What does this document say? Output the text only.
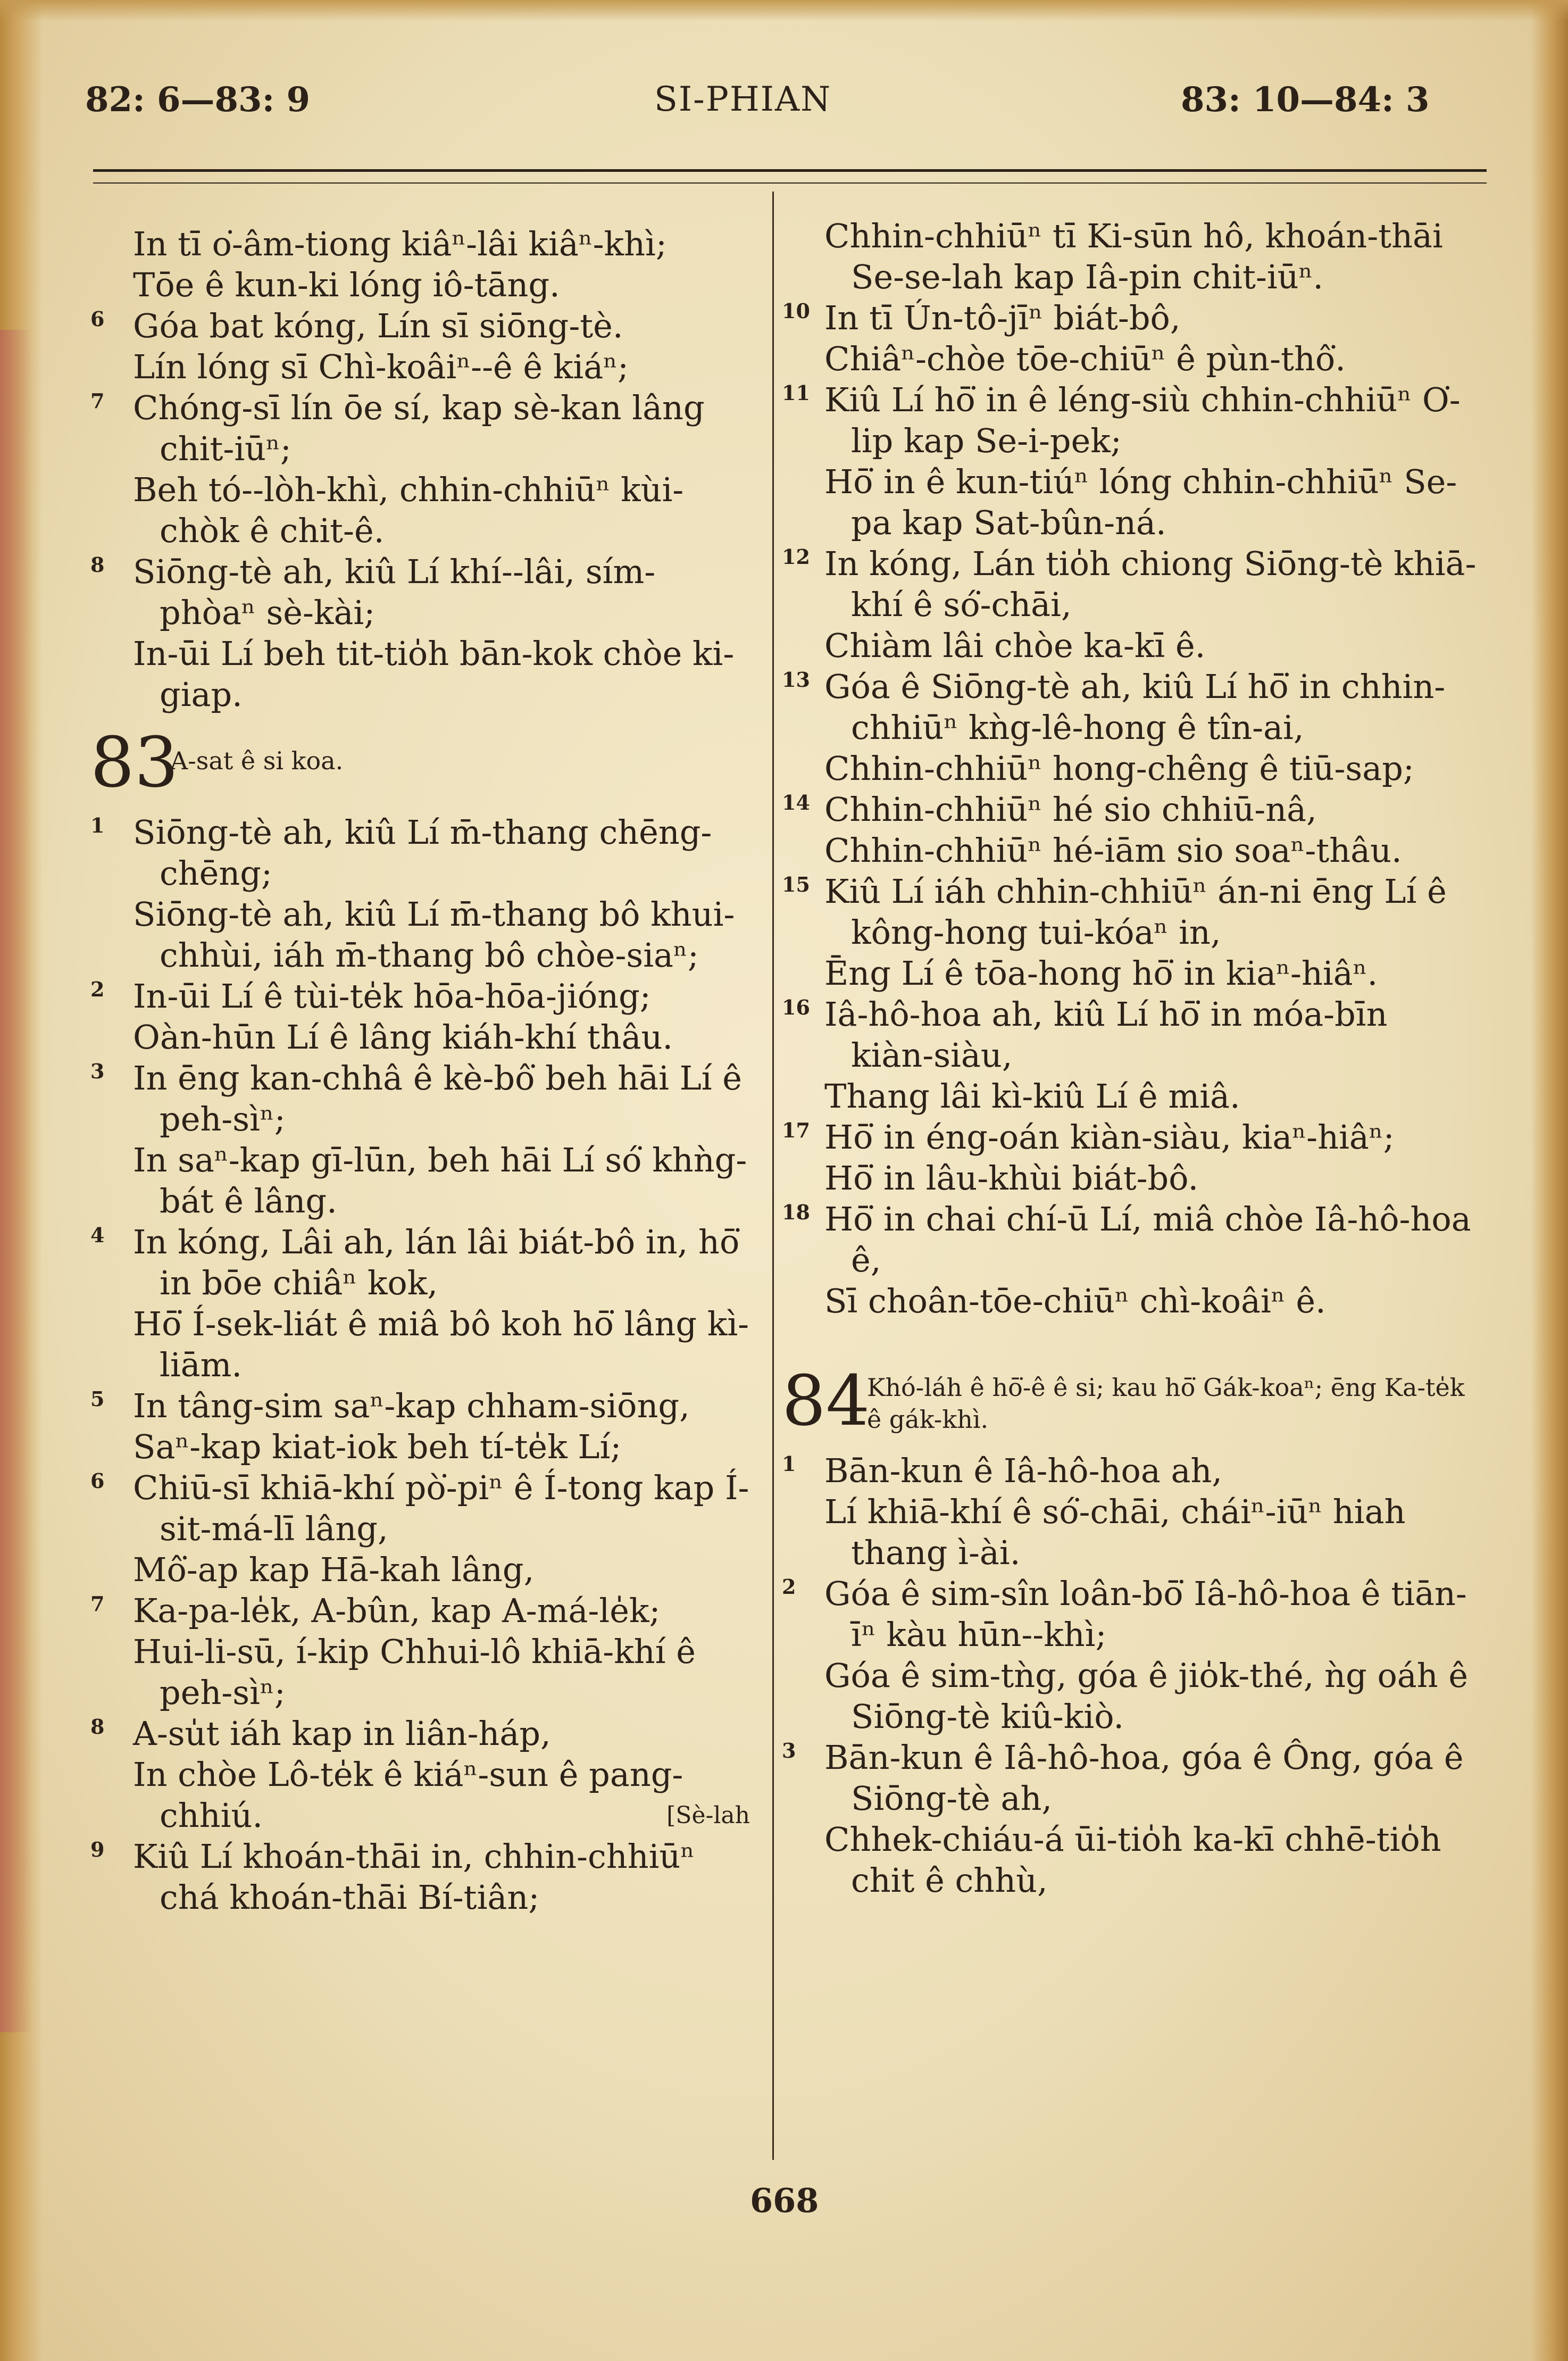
82: 6—83: 9	SI-PHIAN	83: 10—84: 3
In tī o͘-âm-tiong kiâⁿ-lâi kiâⁿ-khì;
Tōe ê kun-ki lóng iô-tāng.
6 Góa bat kóng, Lín sī siōng-tè.
Lín lóng sī Chì-koâiⁿ--ê ê kiáⁿ;
7 Chóng-sī lín ōe sí, kap sè-kan lâng chit-iūⁿ;
Beh tó--lòh-khì, chhin-chhiūⁿ kùi-chòk ê chit-ê.
8 Siōng-tè ah, kiû Lí khí--lâi, sím-phòaⁿ sè-kài;
In-ūi Lí beh tit-tio̍h bān-kok chòe ki-giap.
83
A-sat ê si koa.
1 Siōng-tè ah, kiû Lí m̄-thang chēng-chēng;
Siōng-tè ah, kiû Lí m̄-thang bô khui-chhùi, iáh m̄-thang bô chòe-siaⁿ;
2 In-ūi Lí ê tùi-te̍k hōa-hōa-jióng;
Oàn-hūn Lí ê lâng kiáh-khí thâu.
3 In ēng kan-chhâ ê kè-bô͘ beh hāi Lí ê peh-sìⁿ;
In saⁿ-kap gī-lūn, beh hāi Lí só͘ khǹg-bát ê lâng.
4 In kóng, Lâi ah, lán lâi biát-bô in, hō͘ in bōe chiâⁿ kok,
Hō͘ Í-sek-liát ê miâ bô koh hō͘ lâng kì-liām.
5 In tâng-sim saⁿ-kap chham-siōng,
Saⁿ-kap kiat-iok beh tí-te̍k Lí;
6 Chiū-sī khiā-khí pò͘-piⁿ ê Í-tong kap Í-sit-má-lī lâng,
Mô͘-ap kap Hā-kah lâng,
7 Ka-pa-le̍k, A-bûn, kap A-má-le̍k;
Hui-li-sū, í-kip Chhui-lô khiā-khí ê peh-sìⁿ;
8 A-su̍t iáh kap in liân-háp,
In chòe Lô-te̍k ê kiáⁿ-sun ê pang-chhiú.	[Sè-lah
9 Kiû Lí khoán-thāi in, chhin-chhiūⁿ chá khoán-thāi Bí-tiân;
Chhin-chhiūⁿ tī Ki-sūn hô, khoán-thāi Se-se-lah kap Iâ-pin chit-iūⁿ.
10 In tī Ún-tô-jīⁿ biát-bô,
Chiâⁿ-chòe tōe-chiūⁿ ê pùn-thô͘.
11 Kiû Lí hō͘ in ê léng-siù chhin-chhiūⁿ O͘-lip kap Se-i-pek;
Hō͘ in ê kun-tiúⁿ lóng chhin-chhiūⁿ Se-pa kap Sat-bûn-ná.
12 In kóng, Lán tio̍h chiong Siōng-tè khiā-khí ê só͘-chāi,
Chiàm lâi chòe ka-kī ê.
13 Góa ê Siōng-tè ah, kiû Lí hō͘ in chhin-chhiūⁿ kǹg-lê-hong ê tîn-ai,
Chhin-chhiūⁿ hong-chêng ê tiū-sap;
14 Chhin-chhiūⁿ hé sio chhiū-nâ,
Chhin-chhiūⁿ hé-iām sio soaⁿ-thâu.
15 Kiû Lí iáh chhin-chhiūⁿ án-ni ēng Lí ê kông-hong tui-kóaⁿ in,
Ēng Lí ê tōa-hong hō͘ in kiaⁿ-hiâⁿ.
16 Iâ-hô-hoa ah, kiû Lí hō͘ in móa-bīn kiàn-siàu,
Thang lâi kì-kiû Lí ê miâ.
17 Hō͘ in éng-oán kiàn-siàu, kiaⁿ-hiâⁿ;
Hō͘ in lâu-khùi biát-bô.
18 Hō͘ in chai chí-ū Lí, miâ chòe Iâ-hô-hoa ê,
Sī choân-tōe-chiūⁿ chì-koâiⁿ ê.
84
Khó-láh ê hō͘-ê ê si; kau hō͘ Gák-koaⁿ; ēng Ka-te̍k ê gák-khì.
1 Bān-kun ê Iâ-hô-hoa ah,
Lí khiā-khí ê só͘-chāi, cháiⁿ-iūⁿ hiah thang ì-ài.
2 Góa ê sim-sîn loân-bō͘ Iâ-hô-hoa ê tiān-īⁿ kàu hūn--khì;
Góa ê sim-tǹg, góa ê jio̍k-thé, ǹg oáh ê Siōng-tè kiû-kiò.
3 Bān-kun ê Iâ-hô-hoa, góa ê Ông, góa ê Siōng-tè ah,
Chhek-chiáu-á ūi-tio̍h ka-kī chhē-tio̍h chit ê chhù,
668
